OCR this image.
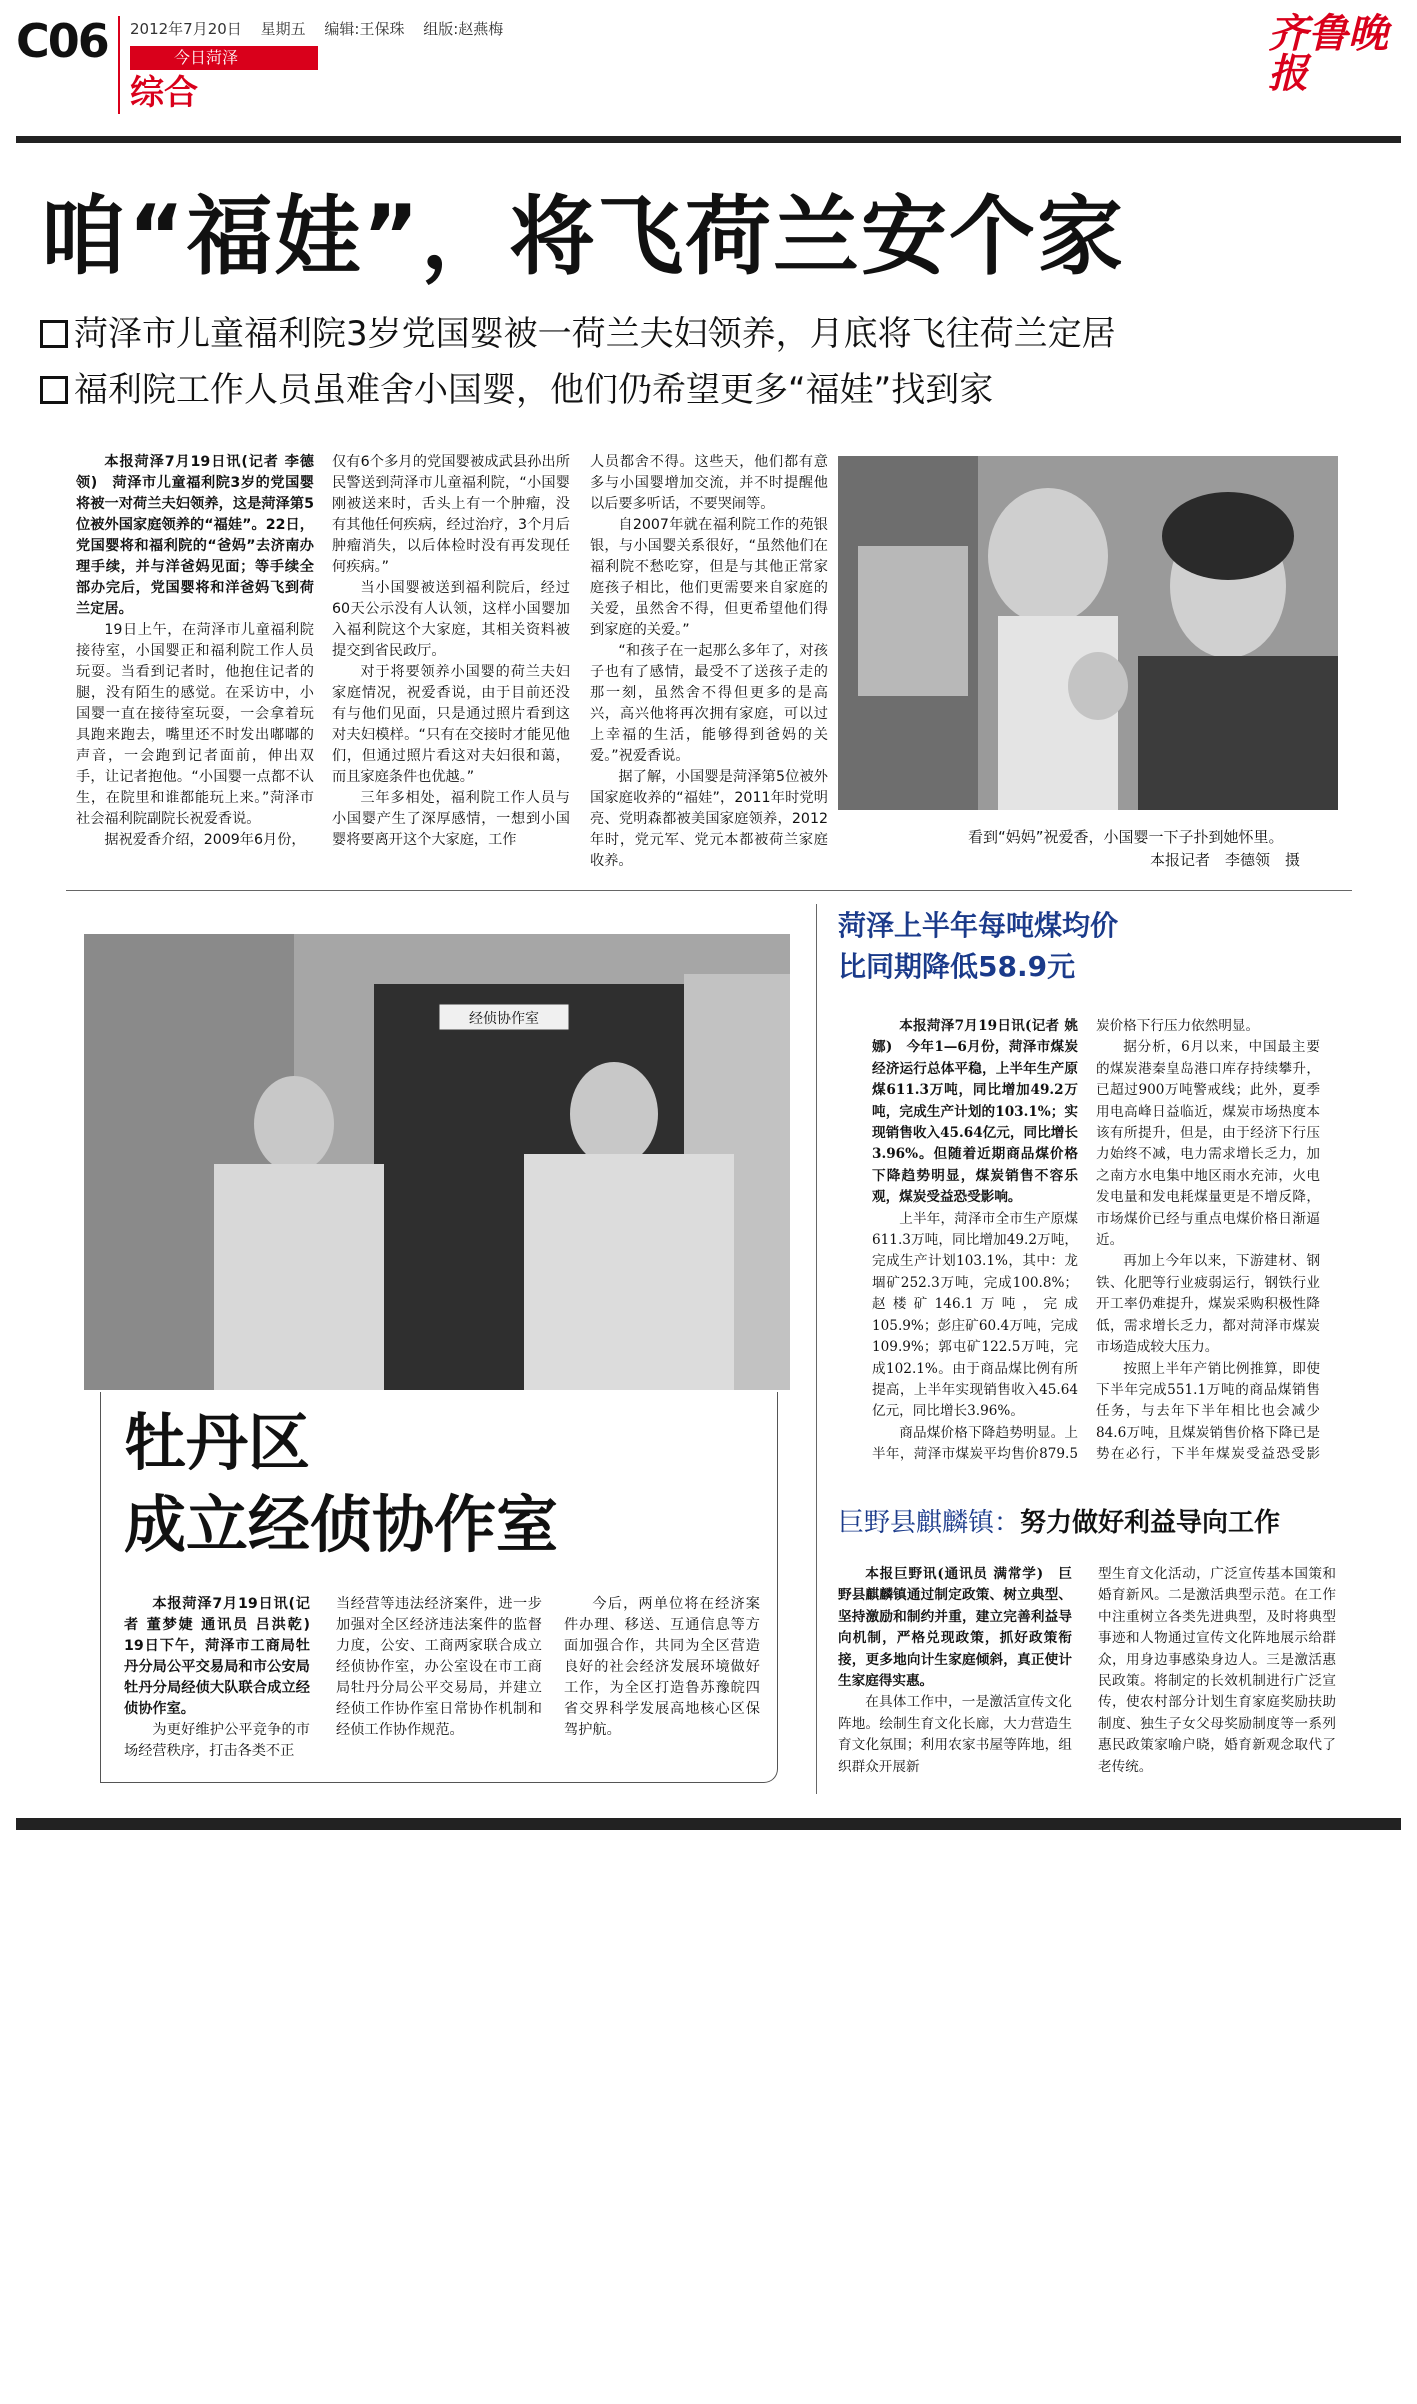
C06 2012年7月20日 星期五 编辑:王保珠 组版:赵燕梅
今日菏泽
综合
齐鲁晚报
咱“福娃”，将飞荷兰安个家
菏泽市儿童福利院3岁党国婴被一荷兰夫妇领养，月底将飞往荷兰定居
福利院工作人员虽难舍小国婴，他们仍希望更多“福娃”找到家

本报菏泽7月19日讯(记者 李德领)　菏泽市儿童福利院3岁的党国婴将被一对荷兰夫妇领养，这是菏泽第5位被外国家庭领养的“福娃”。22日，党国婴将和福利院的“爸妈”去济南办理手续，并与洋爸妈见面；等手续全部办完后，党国婴将和洋爸妈飞到荷兰定居。

19日上午，在菏泽市儿童福利院接待室，小国婴正和福利院工作人员玩耍。当看到记者时，他抱住记者的腿，没有陌生的感觉。在采访中，小国婴一直在接待室玩耍，一会拿着玩具跑来跑去，嘴里还不时发出嘟嘟的声音，一会跑到记者面前，伸出双手，让记者抱他。“小国婴一点都不认生，在院里和谁都能玩上来。”菏泽市社会福利院副院长祝爱香说。

据祝爱香介绍，2009年6月份，

仅有6个多月的党国婴被成武县孙出所民警送到菏泽市儿童福利院，“小国婴刚被送来时，舌头上有一个肿瘤，没有其他任何疾病，经过治疗，3个月后肿瘤消失，以后体检时没有再发现任何疾病。”

当小国婴被送到福利院后，经过60天公示没有人认领，这样小国婴加入福利院这个大家庭，其相关资料被提交到省民政厅。

对于将要领养小国婴的荷兰夫妇家庭情况，祝爱香说，由于目前还没有与他们见面，只是通过照片看到这对夫妇模样。“只有在交接时才能见他们，但通过照片看这对夫妇很和蔼，而且家庭条件也优越。”

三年多相处，福利院工作人员与小国婴产生了深厚感情，一想到小国婴将要离开这个大家庭，工作

人员都舍不得。这些天，他们都有意多与小国婴增加交流，并不时提醒他以后要多听话，不要哭闹等。

自2007年就在福利院工作的苑银银，与小国婴关系很好，“虽然他们在福利院不愁吃穿，但是与其他正常家庭孩子相比，他们更需要来自家庭的关爱，虽然舍不得，但更希望他们得到家庭的关爱。”

“和孩子在一起那么多年了，对孩子也有了感情，最受不了送孩子走的那一刻，虽然舍不得但更多的是高兴，高兴他将再次拥有家庭，可以过上幸福的生活，能够得到爸妈的关爱。”祝爱香说。

据了解，小国婴是菏泽第5位被外国家庭收养的“福娃”，2011年时党明亮、党明森都被美国家庭领养，2012年时，党元军、党元本都被荷兰家庭收养。

看到“妈妈”祝爱香，小国婴一下子扑到她怀里。
本报记者　李德领　摄
经侦协作室
牡丹区
成立经侦协作室

本报菏泽7月19日讯(记者 董梦婕 通讯员 吕洪乾)　19日下午，菏泽市工商局牡丹分局公平交易局和市公安局牡丹分局经侦大队联合成立经侦协作室。

为更好维护公平竞争的市场经营秩序，打击各类不正

当经营等违法经济案件，进一步加强对全区经济违法案件的监督力度，公安、工商两家联合成立经侦协作室，办公室设在市工商局牡丹分局公平交易局，并建立经侦工作协作室日常协作机制和经侦工作协作规范。

今后，两单位将在经济案件办理、移送、互通信息等方面加强合作，共同为全区营造良好的社会经济发展环境做好工作，为全区打造鲁苏豫皖四省交界科学发展高地核心区保驾护航。

菏泽上半年每吨煤均价
比同期降低58.9元

本报菏泽7月19日讯(记者 姚娜)　今年1—6月份，菏泽市煤炭经济运行总体平稳，上半年生产原煤611.3万吨，同比增加49.2万吨，完成生产计划的103.1%；实现销售收入45.64亿元，同比增长3.96%。但随着近期商品煤价格下降趋势明显，煤炭销售不容乐观，煤炭受益恐受影响。

上半年，菏泽市全市生产原煤611.3万吨，同比增加49.2万吨，完成生产计划103.1%，其中：龙堌矿252.3万吨，完成100.8%；赵楼矿146.1万吨，完成105.9%；彭庄矿60.4万吨，完成109.9%；郭屯矿122.5万吨，完成102.1%。由于商品煤比例有所提高，上半年实现销售收入45.64亿元，同比增长3.96%。

商品煤价格下降趋势明显。上半年，菏泽市煤炭平均售价879.5

炭价格下行压力依然明显。

据分析，6月以来，中国最主要的煤炭港秦皇岛港口库存持续攀升，已超过900万吨警戒线；此外，夏季用电高峰日益临近，煤炭市场热度本该有所提升，但是，由于经济下行压力始终不减，电力需求增长乏力，加之南方水电集中地区雨水充沛，火电发电量和发电耗煤量更是不增反降，市场煤价已经与重点电煤价格日渐逼近。

再加上今年以来，下游建材、钢铁、化肥等行业疲弱运行，钢铁行业开工率仍难提升，煤炭采购积极性降低，需求增长乏力，都对菏泽市煤炭市场造成较大压力。

按照上半年产销比例推算，即使下半年完成551.1万吨的商品煤销售任务，与去年下半年相比也会减少84.6万吨，且煤炭销售价格下降已是势在必行，下半年煤炭受益恐受影

巨野县麒麟镇：努力做好利益导向工作

本报巨野讯(通讯员 满常学)　巨野县麒麟镇通过制定政策、树立典型、坚持激励和制约并重，建立完善利益导向机制，严格兑现政策，抓好政策衔接，更多地向计生家庭倾斜，真正使计生家庭得实惠。

在具体工作中，一是激活宣传文化阵地。绘制生育文化长廊，大力营造生育文化氛围；利用农家书屋等阵地，组织群众开展新

型生育文化活动，广泛宣传基本国策和婚育新风。二是激活典型示范。在工作中注重树立各类先进典型，及时将典型事迹和人物通过宣传文化阵地展示给群众，用身边事感染身边人。三是激活惠民政策。将制定的长效机制进行广泛宣传，使农村部分计划生育家庭奖励扶助制度、独生子女父母奖励制度等一系列惠民政策家喻户晓，婚育新观念取代了老传统。
